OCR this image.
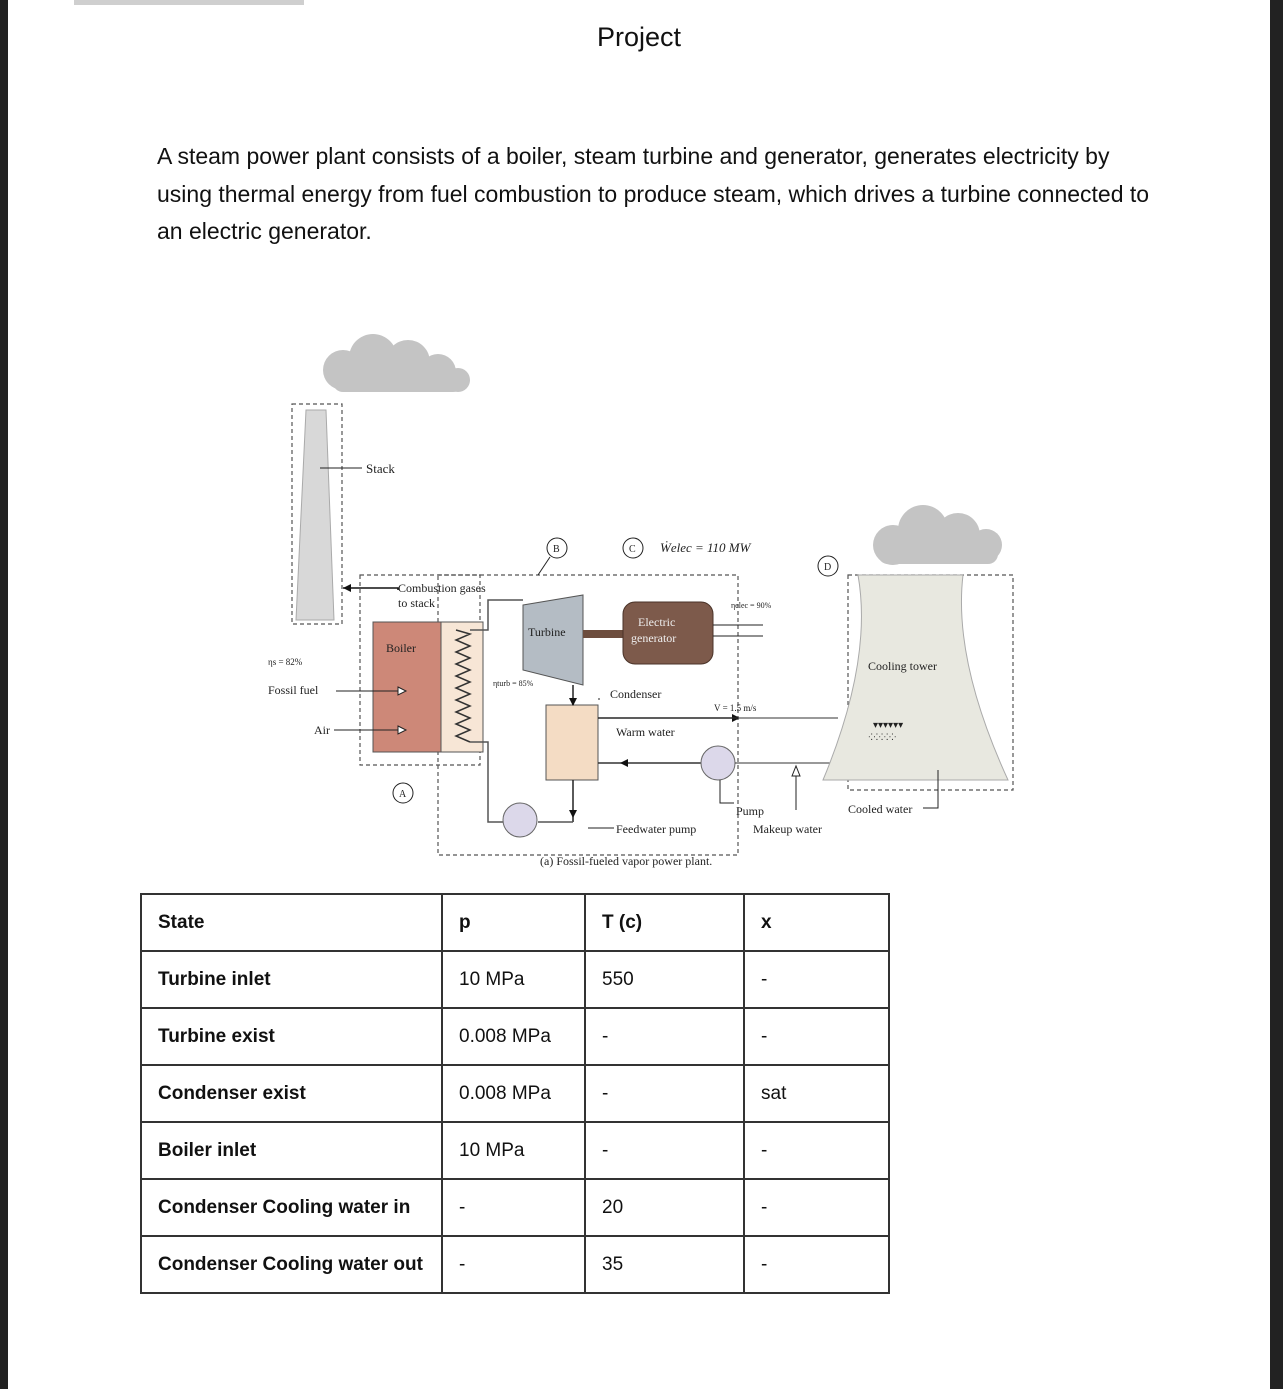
Project
A steam power plant consists of a boiler, steam turbine and generator, generates electricity by using thermal energy from fuel combustion to produce steam, which drives a turbine connected to an electric generator.
Stack
Combustion gases
to stack
Boiler
ηs = 82%
Fossil fuel
Air
A
Turbine
ηturb = 85%
B
Electric
generator
ηelec = 90%
C Ẇelec = 110 MW
Condenser
V = 1.5 m/s
Warm water
Pump
Makeup water
Feedwater pump
Cooling tower
▾▾▾▾▾▾
ᐧ⁚ᐧ⁚ᐧ⁚ᐧ⁚ᐧ⁚ᐧ
D
Cooled water
(a) Fossil-fueled vapor power plant.
State	p	T (c)	x
Turbine inlet	10 MPa	550	-
Turbine exist	0.008 MPa	-	-
Condenser exist	0.008 MPa	-	sat
Boiler inlet	10 MPa	-	-
Condenser Cooling water in	-	20	-
Condenser Cooling water out	-	35	-
